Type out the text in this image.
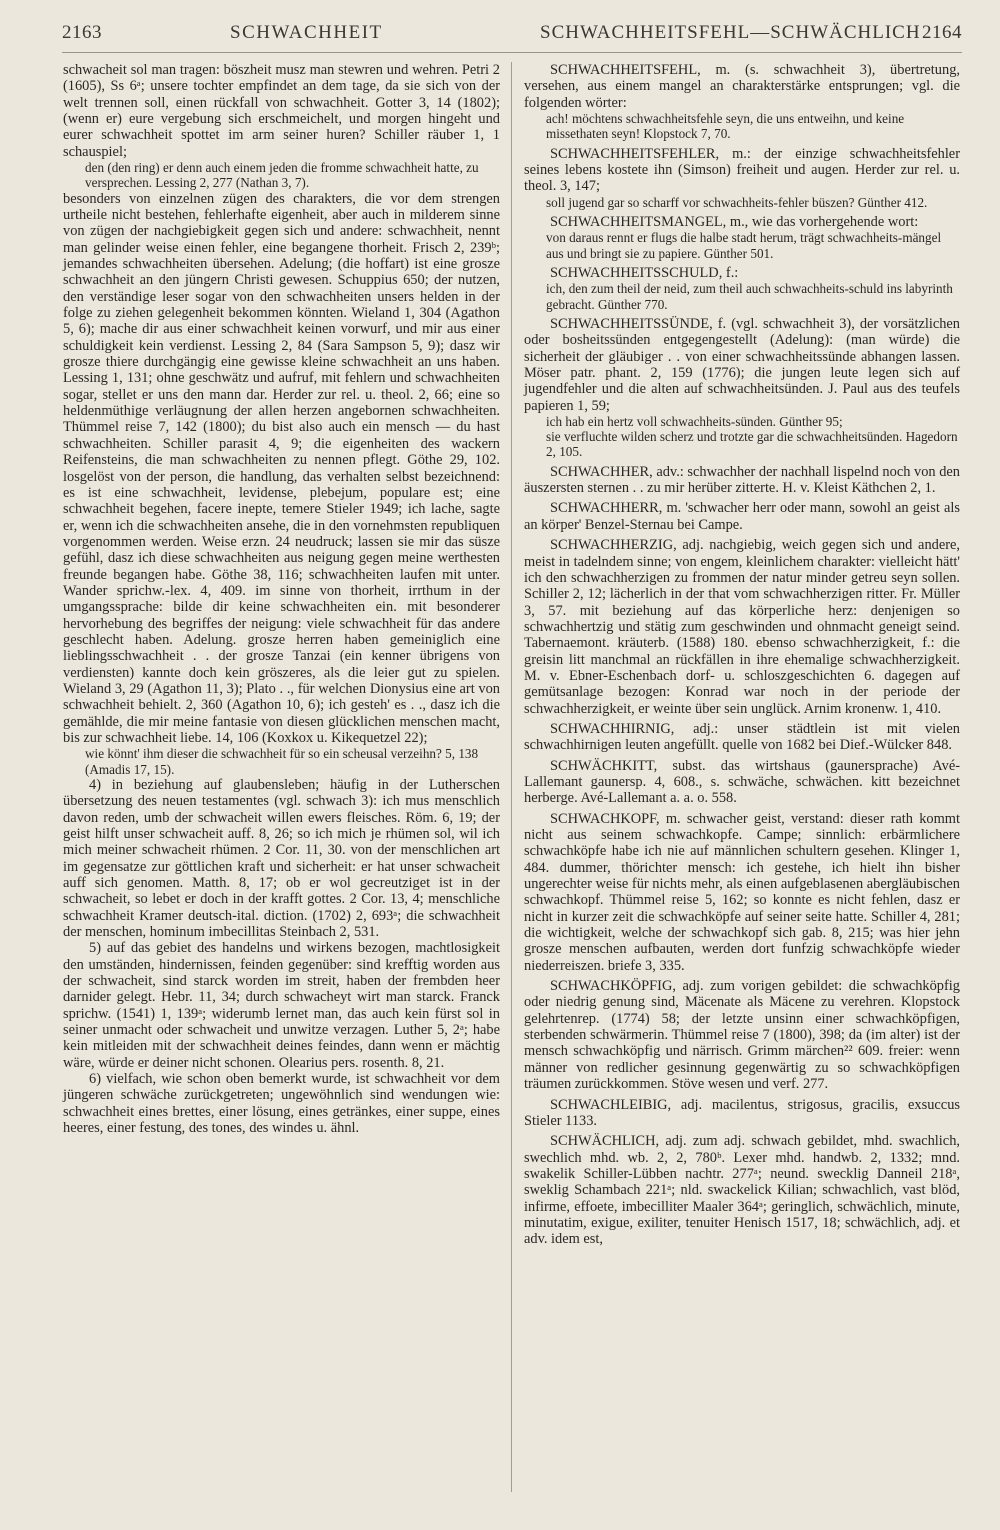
2163	SCHWACHHEIT	SCHWACHHEITSFEHL—SCHWÄCHLICH 2164

schwacheit sol man tragen: böszheit musz man stewren und wehren. Petri 2 (1605), Ss 6ᵃ; unsere tochter empfindet an dem tage, da sie sich von der welt trennen soll, einen rückfall von schwachheit. Gotter 3, 14 (1802); (wenn er) eure vergebung sich erschmeichelt, und morgen hingeht und eurer schwachheit spottet im arm seiner huren? Schiller räuber 1, 1 schauspiel;

den (den ring) er denn auch einem jeden die fromme schwachheit hatte, zu versprechen. Lessing 2, 277 (Nathan 3, 7).

besonders von einzelnen zügen des charakters, die vor dem strengen urtheile nicht bestehen, fehlerhafte eigenheit, aber auch in milderem sinne von zügen der nachgiebigkeit gegen sich und andere: schwachheit, nennt man gelinder weise einen fehler, eine begangene thorheit. Frisch 2, 239ᵇ; jemandes schwachheiten übersehen. Adelung; (die hoffart) ist eine grosze schwachheit an den jüngern Christi gewesen. Schuppius 650; der nutzen, den verständige leser sogar von den schwachheiten unsers helden in der folge zu ziehen gelegenheit bekommen könnten. Wieland 1, 304 (Agathon 5, 6); mache dir aus einer schwachheit keinen vorwurf, und mir aus einer schuldigkeit kein verdienst. Lessing 2, 84 (Sara Sampson 5, 9); dasz wir grosze thiere durchgängig eine gewisse kleine schwachheit an uns haben. Lessing 1, 131; ohne geschwätz und aufruf, mit fehlern und schwachheiten sogar, stellet er uns den mann dar. Herder zur rel. u. theol. 2, 66; eine so heldenmüthige verläugnung der allen herzen angebornen schwachheiten. Thümmel reise 7, 142 (1800); du bist also auch ein mensch — du hast schwachheiten. Schiller parasit 4, 9; die eigenheiten des wackern Reifensteins, die man schwachheiten zu nennen pflegt. Göthe 29, 102. losgelöst von der person, die handlung, das verhalten selbst bezeichnend: es ist eine schwachheit, levidense, plebejum, populare est; eine schwachheit begehen, facere inepte, temere Stieler 1949; ich lache, sagte er, wenn ich die schwachheiten ansehe, die in den vornehmsten republiquen vorgenommen werden. Weise erzn. 24 neudruck; lassen sie mir das süsze gefühl, dasz ich diese schwachheiten aus neigung gegen meine werthesten freunde begangen habe. Göthe 38, 116; schwachheiten laufen mit unter. Wander sprichw.-lex. 4, 409. im sinne von thorheit, irrthum in der umgangssprache: bilde dir keine schwachheiten ein. mit besonderer hervorhebung des begriffes der neigung: viele schwachheit für das andere geschlecht haben. Adelung. grosze herren haben gemeiniglich eine lieblingsschwachheit . . der grosze Tanzai (ein kenner übrigens von verdiensten) kannte doch kein gröszeres, als die leier gut zu spielen. Wieland 3, 29 (Agathon 11, 3); Plato . ., für welchen Dionysius eine art von schwachheit behielt. 2, 360 (Agathon 10, 6); ich gesteh' es . ., dasz ich die gemählde, die mir meine fantasie von diesen glücklichen menschen macht, bis zur schwachheit liebe. 14, 106 (Koxkox u. Kikequetzel 22);

wie könnt' ihm dieser die schwachheit für so ein scheusal verzeihn? 5, 138 (Amadis 17, 15).

4) in beziehung auf glaubensleben; häufig in der Lutherschen übersetzung des neuen testamentes (vgl. schwach 3): ich mus menschlich davon reden, umb der schwacheit willen ewers fleisches. Röm. 6, 19; der geist hilft unser schwacheit auff. 8, 26; so ich mich je rhümen sol, wil ich mich meiner schwacheit rhümen. 2 Cor. 11, 30. von der menschlichen art im gegensatze zur göttlichen kraft und sicherheit: er hat unser schwacheit auff sich genomen. Matth. 8, 17; ob er wol gecreutziget ist in der schwacheit, so lebet er doch in der krafft gottes. 2 Cor. 13, 4; menschliche schwachheit Kramer deutsch-ital. diction. (1702) 2, 693ᵃ; die schwachheit der menschen, hominum imbecillitas Steinbach 2, 531.

5) auf das gebiet des handelns und wirkens bezogen, machtlosigkeit den umständen, hindernissen, feinden gegenüber: sind krefftig worden aus der schwacheit, sind starck worden im streit, haben der frembden heer darnider gelegt. Hebr. 11, 34; durch schwacheyt wirt man starck. Franck sprichw. (1541) 1, 139ᵃ; widerumb lernet man, das auch kein fürst sol in seiner unmacht oder schwacheit und unwitze verzagen. Luther 5, 2ᵃ; habe kein mitleiden mit der schwachheit deines feindes, dann wenn er mächtig wäre, würde er deiner nicht schonen. Olearius pers. rosenth. 8, 21.

6) vielfach, wie schon oben bemerkt wurde, ist schwachheit vor dem jüngeren schwäche zurückgetreten; ungewöhnlich sind wendungen wie: schwachheit eines brettes, einer lösung, eines getränkes, einer suppe, eines heeres, einer festung, des tones, des windes u. ähnl.

SCHWACHHEITSFEHL, m. (s. schwachheit 3), übertretung, versehen, aus einem mangel an charakterstärke entsprungen; vgl. die folgenden wörter:

ach! möchtens schwachheitsfehle seyn, die uns entweihn, und keine missethaten seyn! Klopstock 7, 70.

SCHWACHHEITSFEHLER, m.: der einzige schwachheitsfehler seines lebens kostete ihn (Simson) freiheit und augen. Herder zur rel. u. theol. 3, 147;

soll jugend gar so scharff vor schwachheits-fehler büszen? Günther 412.

SCHWACHHEITSMANGEL, m., wie das vorhergehende wort:

von daraus rennt er flugs die halbe stadt herum, trägt schwachheits-mängel aus und bringt sie zu papiere. Günther 501.

SCHWACHHEITSSCHULD, f.:

ich, den zum theil der neid, zum theil auch schwachheits-schuld ins labyrinth gebracht. Günther 770.

SCHWACHHEITSSÜNDE, f. (vgl. schwachheit 3), der vorsätzlichen oder bosheitssünden entgegengestellt (Adelung): (man würde) die sicherheit der gläubiger . . von einer schwachheitssünde abhangen lassen. Möser patr. phant. 2, 159 (1776); die jungen leute legen sich auf jugendfehler und die alten auf schwachheitsünden. J. Paul aus des teufels papieren 1, 59;

ich hab ein hertz voll schwachheits-sünden. Günther 95;

sie verfluchte wilden scherz und trotzte gar die schwachheitsünden. Hagedorn 2, 105.

SCHWACHHER, adv.: schwachher der nachhall lispelnd noch von den äuszersten sternen . . zu mir herüber zitterte. H. v. Kleist Käthchen 2, 1.

SCHWACHHERR, m. 'schwacher herr oder mann, sowohl an geist als an körper' Benzel-Sternau bei Campe.

SCHWACHHERZIG, adj. nachgiebig, weich gegen sich und andere, meist in tadelndem sinne; von engem, kleinlichem charakter: vielleicht hätt' ich den schwachherzigen zu frommen der natur minder getreu seyn sollen. Schiller 2, 12; lächerlich in der that vom schwachherzigen ritter. Fr. Müller 3, 57. mit beziehung auf das körperliche herz: denjenigen so schwachhertzig und stätig zum geschwinden und ohnmacht geneigt seind. Tabernaemont. kräuterb. (1588) 180. ebenso schwachherzigkeit, f.: die greisin litt manchmal an rückfällen in ihre ehemalige schwachherzigkeit. M. v. Ebner-Eschenbach dorf- u. schloszgeschichten 6. dagegen auf gemütsanlage bezogen: Konrad war noch in der periode der schwachherzigkeit, er weinte über sein unglück. Arnim kronenw. 1, 410.

SCHWACHHIRNIG, adj.: unser städtlein ist mit vielen schwachhirnigen leuten angefüllt. quelle von 1682 bei Dief.-Wülcker 848.

SCHWÄCHKITT, subst. das wirtshaus (gaunersprache) Avé-Lallemant gaunersp. 4, 608., s. schwäche, schwächen. kitt bezeichnet herberge. Avé-Lallemant a. a. o. 558.

SCHWACHKOPF, m. schwacher geist, verstand: dieser rath kommt nicht aus seinem schwachkopfe. Campe; sinnlich: erbärmlichere schwachköpfe habe ich nie auf männlichen schultern gesehen. Klinger 1, 484. dummer, thörichter mensch: ich gestehe, ich hielt ihn bisher ungerechter weise für nichts mehr, als einen aufgeblasenen abergläubischen schwachkopf. Thümmel reise 5, 162; so konnte es nicht fehlen, dasz er nicht in kurzer zeit die schwachköpfe auf seiner seite hatte. Schiller 4, 281; die wichtigkeit, welche der schwachkopf sich gab. 8, 215; was hier jehn grosze menschen aufbauten, werden dort funfzig schwachköpfe wieder niederreiszen. briefe 3, 335.

SCHWACHKÖPFIG, adj. zum vorigen gebildet: die schwachköpfig oder niedrig genung sind, Mäcenate als Mäcene zu verehren. Klopstock gelehrtenrep. (1774) 58; der letzte unsinn einer schwachköpfigen, sterbenden schwärmerin. Thümmel reise 7 (1800), 398; da (im alter) ist der mensch schwachköpfig und närrisch. Grimm märchen²² 609. freier: wenn männer von redlicher gesinnung gegenwärtig zu so schwachköpfigen träumen zurückkommen. Stöve wesen und verf. 277.

SCHWACHLEIBIG, adj. macilentus, strigosus, gracilis, exsuccus Stieler 1133.

SCHWÄCHLICH, adj. zum adj. schwach gebildet, mhd. swachlich, swechlich mhd. wb. 2, 2, 780ᵇ. Lexer mhd. handwb. 2, 1332; mnd. swakelik Schiller-Lübben nachtr. 277ᵃ; neund. swecklig Danneil 218ᵃ, sweklig Schambach 221ᵃ; nld. swackelick Kilian; schwachlich, vast blöd, infirme, effoete, imbecilliter Maaler 364ᵃ; geringlich, schwächlich, minute, minutatim, exigue, exiliter, tenuiter Henisch 1517, 18; schwächlich, adj. et adv. idem est,
